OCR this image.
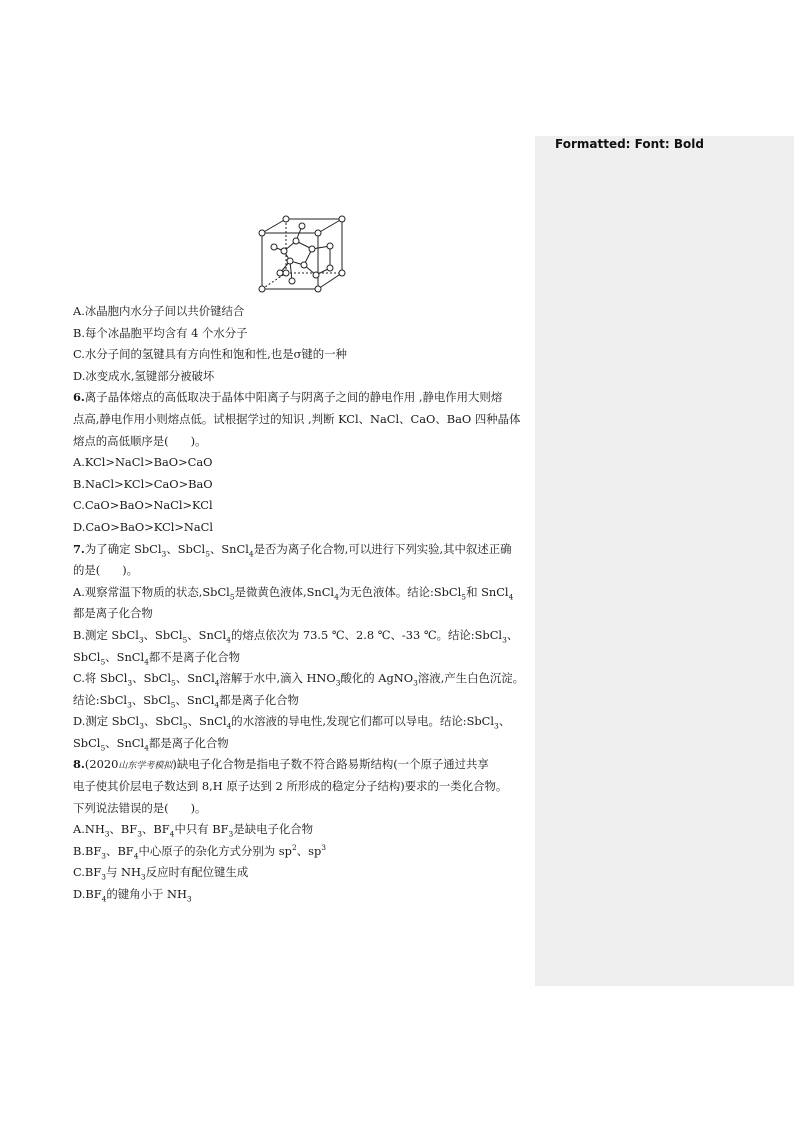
Formatted: Font: Bold
A.冰晶胞内水分子间以共价键结合
B.每个冰晶胞平均含有 4 个水分子
C.水分子间的氢键具有方向性和饱和性,也是σ键的一种
D.冰变成水,氢键部分被破坏
6.离子晶体熔点的高低取决于晶体中阳离子与阴离子之间的静电作用 ,静电作用大则熔
点高,静电作用小则熔点低。试根据学过的知识 ,判断 KCl、NaCl、CaO、BaO 四种晶体
熔点的高低顺序是( )。
A.KCl>NaCl>BaO>CaO
B.NaCl>KCl>CaO>BaO
C.CaO>BaO>NaCl>KCl
D.CaO>BaO>KCl>NaCl
7.为了确定 SbCl$_3$、SbCl$_5$、SnCl$_4$是否为离子化合物,可以进行下列实验,其中叙述正确
的是( )。
A.观察常温下物质的状态,SbCl$_5$是微黄色液体,SnCl$_4$为无色液体。结论:SbCl$_5$和 SnCl$_4$
都是离子化合物
B.测定 SbCl$_3$、SbCl$_5$、SnCl$_4$的熔点依次为 73.5 ℃、2.8 ℃、-33 ℃。结论:SbCl$_3$、
SbCl$_5$、SnCl$_4$都不是离子化合物
C.将 SbCl$_3$、SbCl$_5$、SnCl$_4$溶解于水中,滴入 $HNO_3$酸化的 AgNO$_3$溶液,产生白色沉淀。
结论:SbCl$_3$、SbCl$_5$、SnCl$_4$都是离子化合物
D.测定 SbCl$_3$、SbCl$_5$、SnCl$_4$的水溶液的导电性,发现它们都可以导电。结论:SbCl$_3$、
SbCl$_5$、SnCl$_4$都是离子化合物
8.(2020山东学考模拟)缺电子化合物是指电子数不符合路易斯结构(一个原子通过共享
电子使其价层电子数达到 8,H 原子达到 2 所形成的稳定分子结构)要求的一类化合物。
下列说法错误的是( )。
$A.NH_3$、$BF_3$、$BF_4$中只有 $BF_3$是缺电子化合物
$B.BF_3$、$BF_4$中心原子的杂化方式分别为 $sp^2$、$sp^3$
$C.BF_3$与 $NH_3$反应时有配位键生成
$D.BF_4$的键角小于 $NH_3$
